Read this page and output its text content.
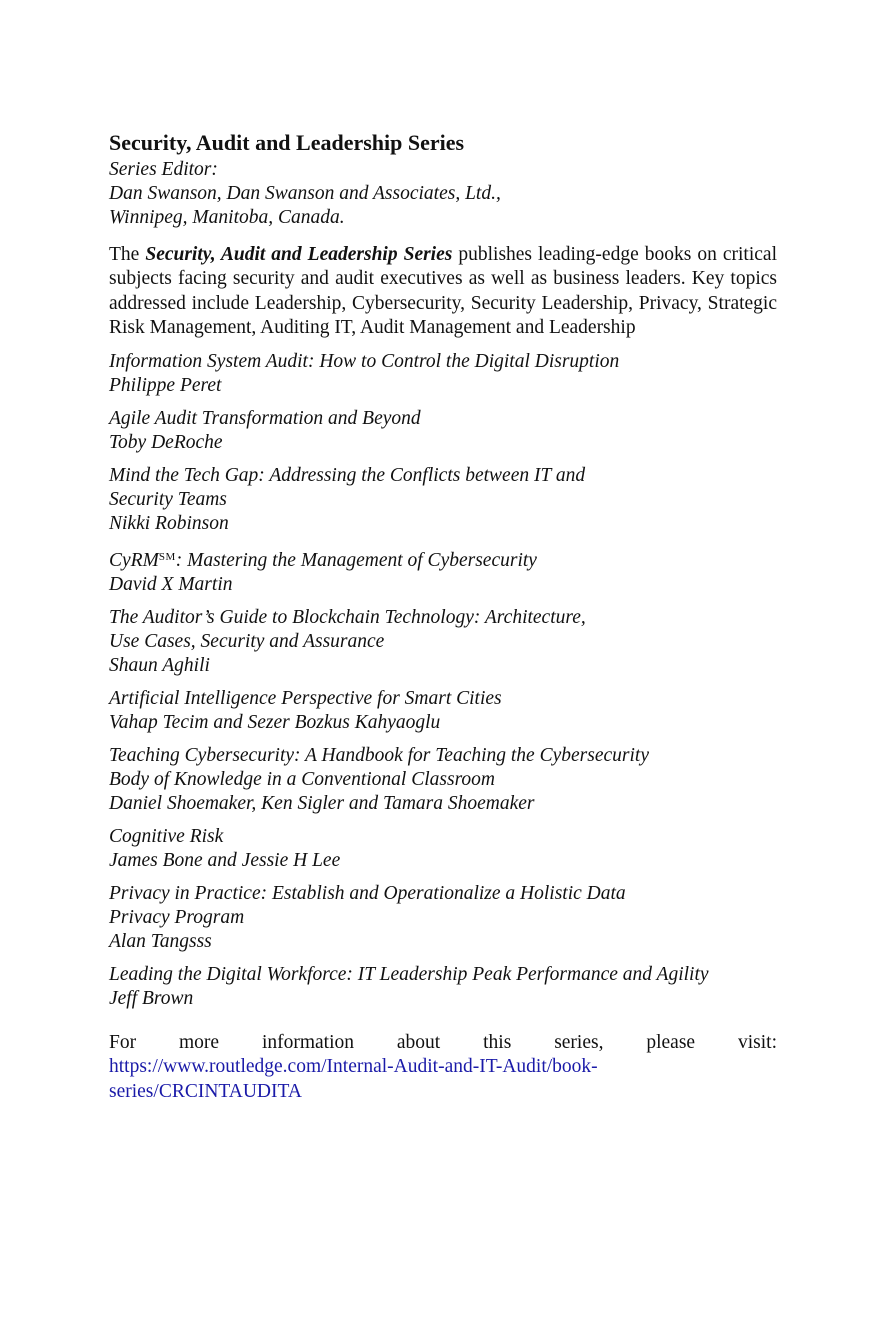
Security, Audit and Leadership Series
Series Editor:
Dan Swanson, Dan Swanson and Associates, Ltd.,
Winnipeg, Manitoba, Canada.

The Security, Audit and Leadership Series publishes leading-edge books on critical subjects facing security and audit executives as well as business leaders. Key topics addressed include Leadership, Cybersecurity, Security Leadership, Privacy, Strategic Risk Management, Auditing IT, Audit Management and Leadership

Information System Audit: How to Control the Digital Disruption
Philippe Peret
Agile Audit Transformation and Beyond
Toby DeRoche
Mind the Tech Gap: Addressing the Conflicts between IT and
Security Teams
Nikki Robinson
CyRM℠: Mastering the Management of Cybersecurity
David X Martin
The Auditor’s Guide to Blockchain Technology: Architecture,
Use Cases, Security and Assurance
Shaun Aghili
Artificial Intelligence Perspective for Smart Cities
Vahap Tecim and Sezer Bozkus Kahyaoglu
Teaching Cybersecurity: A Handbook for Teaching the Cybersecurity
Body of Knowledge in a Conventional Classroom
Daniel Shoemaker, Ken Sigler and Tamara Shoemaker
Cognitive Risk
James Bone and Jessie H Lee
Privacy in Practice: Establish and Operationalize a Holistic Data
Privacy Program
Alan Tangsss
Leading the Digital Workforce: IT Leadership Peak Performance and Agility
Jeff Brown

For more information about this series, please visit: https://www.routledge.com/Internal-Audit-and-IT-Audit/book-series/CRCINTAUDITA
